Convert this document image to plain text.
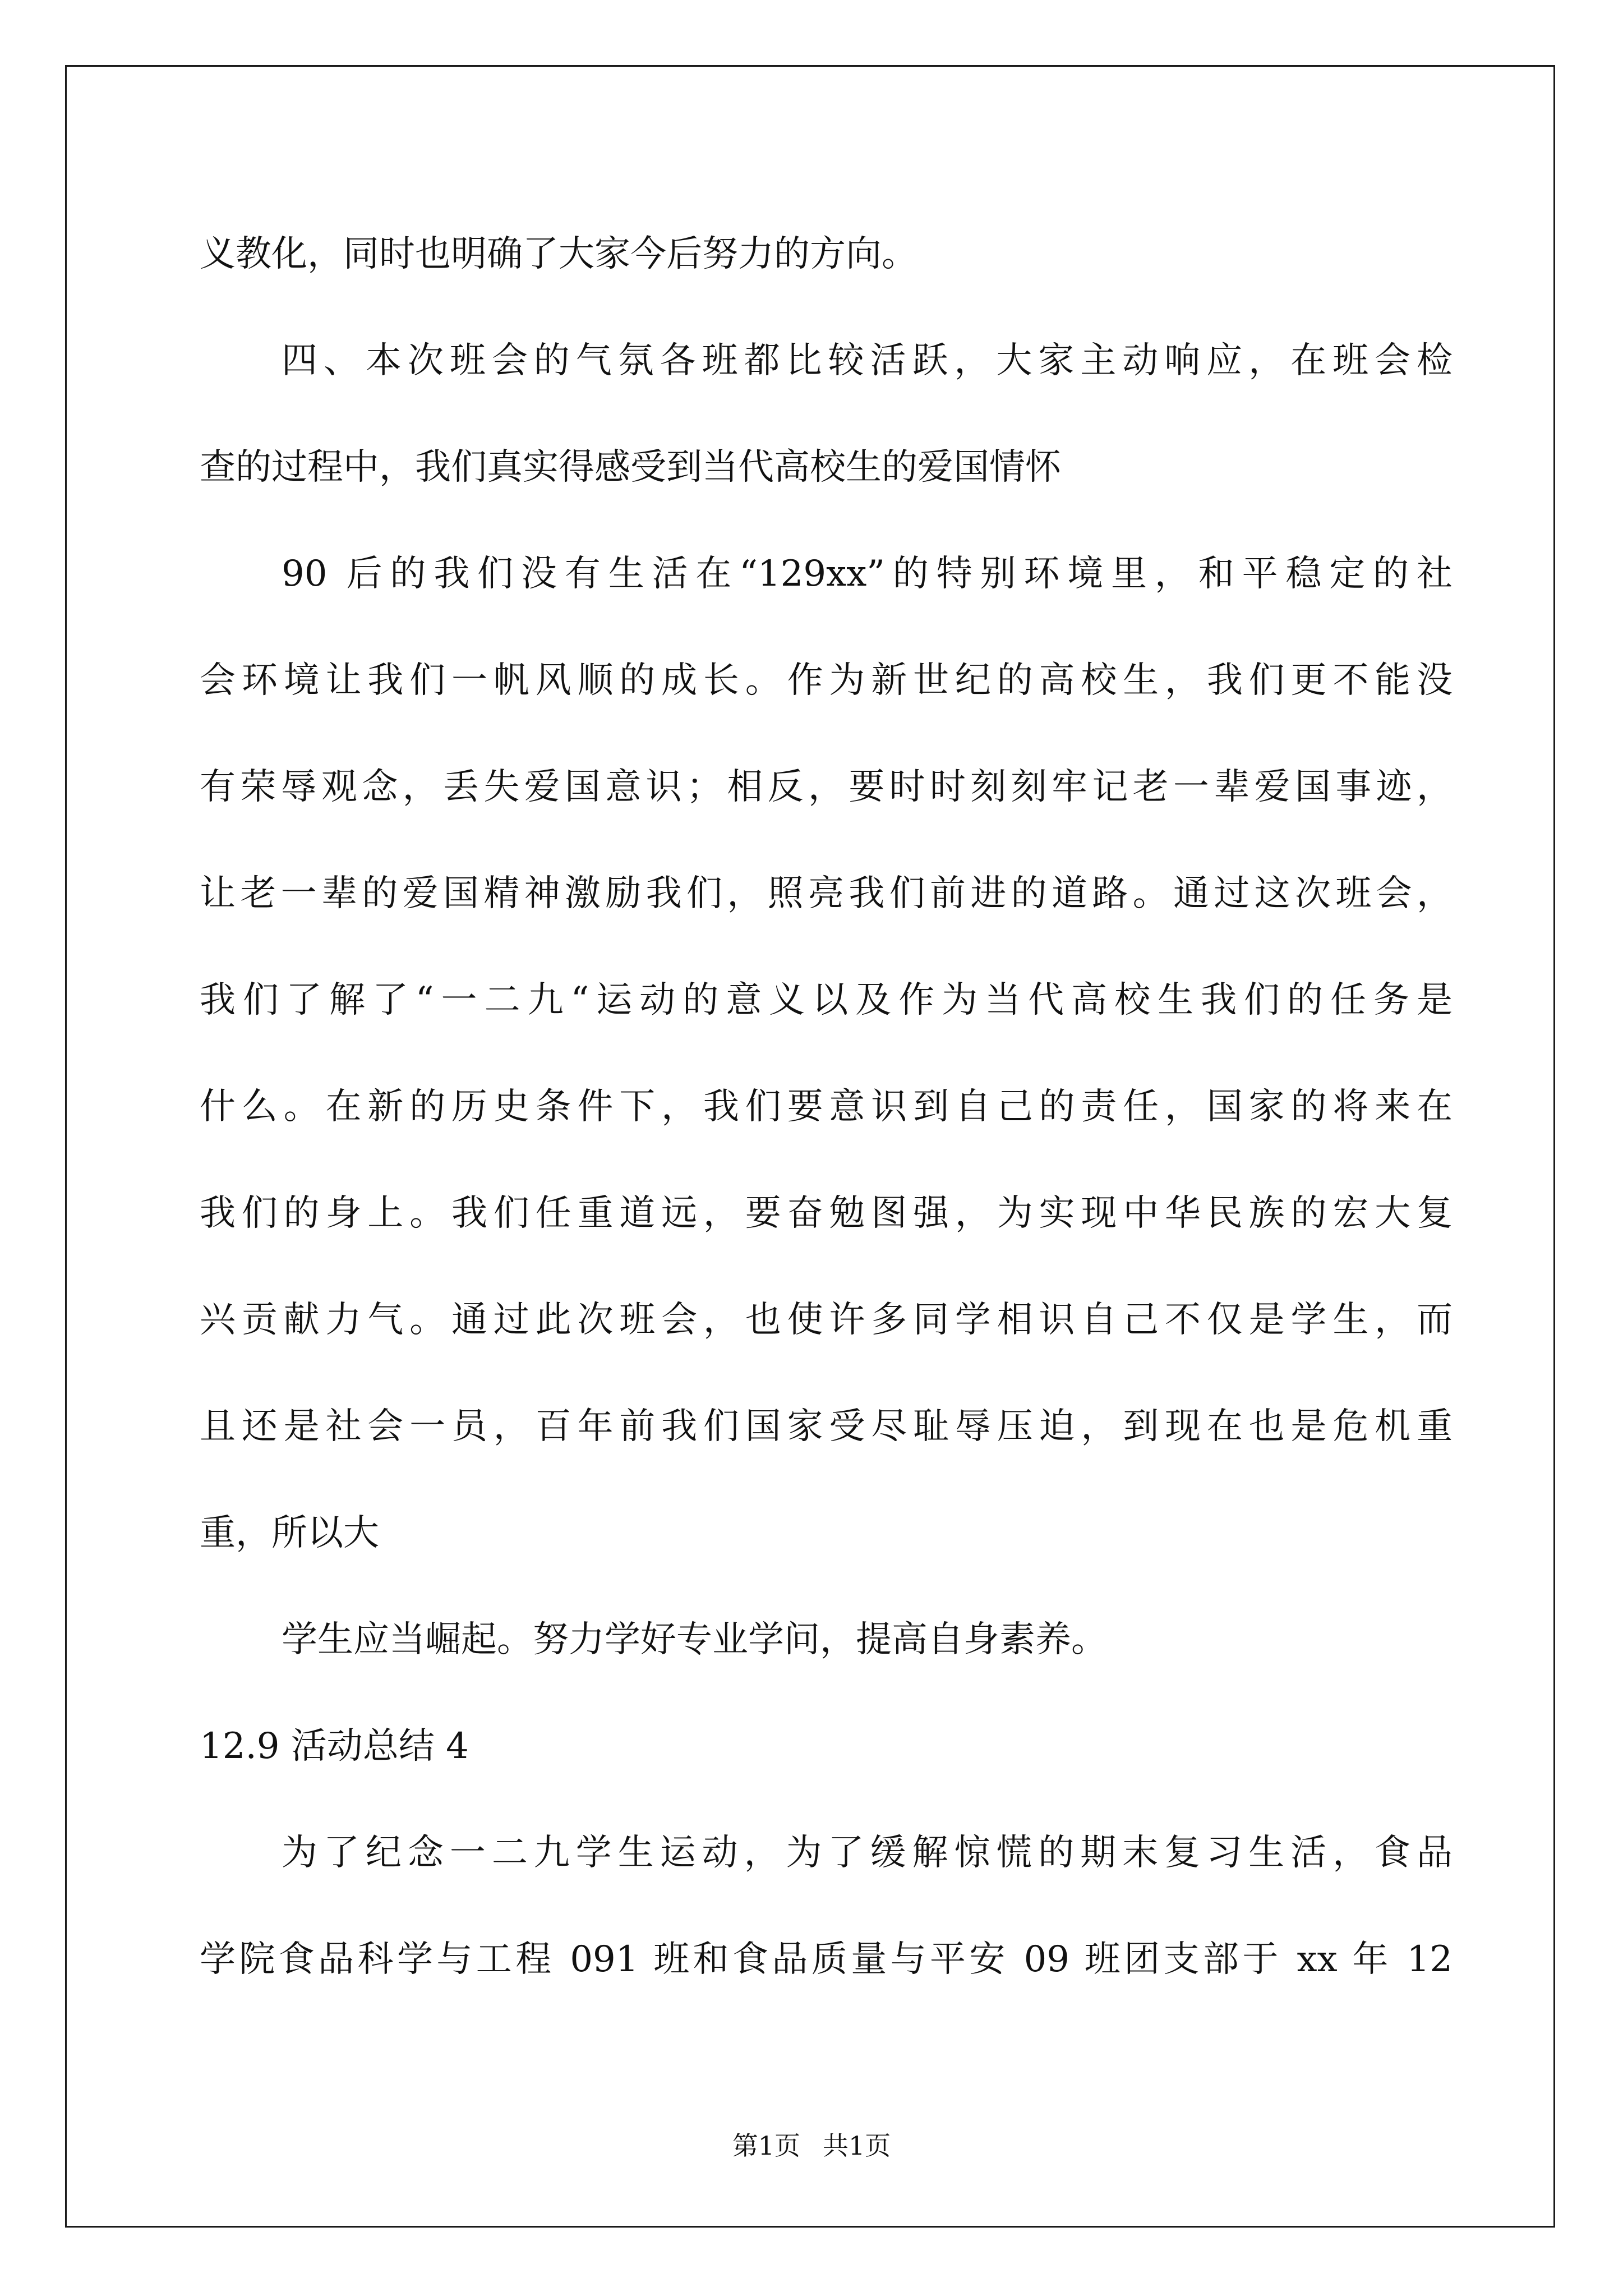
义教化，同时也明确了大家今后努力的方向。
四、本次班会的气氛各班都比较活跃，大家主动响应，在班会检
查的过程中，我们真实得感受到当代高校生的爱国情怀
90 后的我们没有生活在“129xx”的特别环境里，和平稳定的社
会环境让我们一帆风顺的成长。作为新世纪的高校生，我们更不能没
有荣辱观念，丢失爱国意识；相反，要时时刻刻牢记老一辈爱国事迹，
让老一辈的爱国精神激励我们，照亮我们前进的道路。通过这次班会，
我们了解了“一二九“运动的意义以及作为当代高校生我们的任务是
什么。在新的历史条件下，我们要意识到自己的责任，国家的将来在
我们的身上。我们任重道远，要奋勉图强，为实现中华民族的宏大复
兴贡献力气。通过此次班会，也使许多同学相识自己不仅是学生，而
且还是社会一员，百年前我们国家受尽耻辱压迫，到现在也是危机重
重，所以大
学生应当崛起。努力学好专业学问，提高自身素养。
12.9 活动总结 4
为了纪念一二九学生运动，为了缓解惊慌的期末复习生活，食品
学院食品科学与工程 091 班和食品质量与平安 09 班团支部于 xx 年 12
第1页 共1页
